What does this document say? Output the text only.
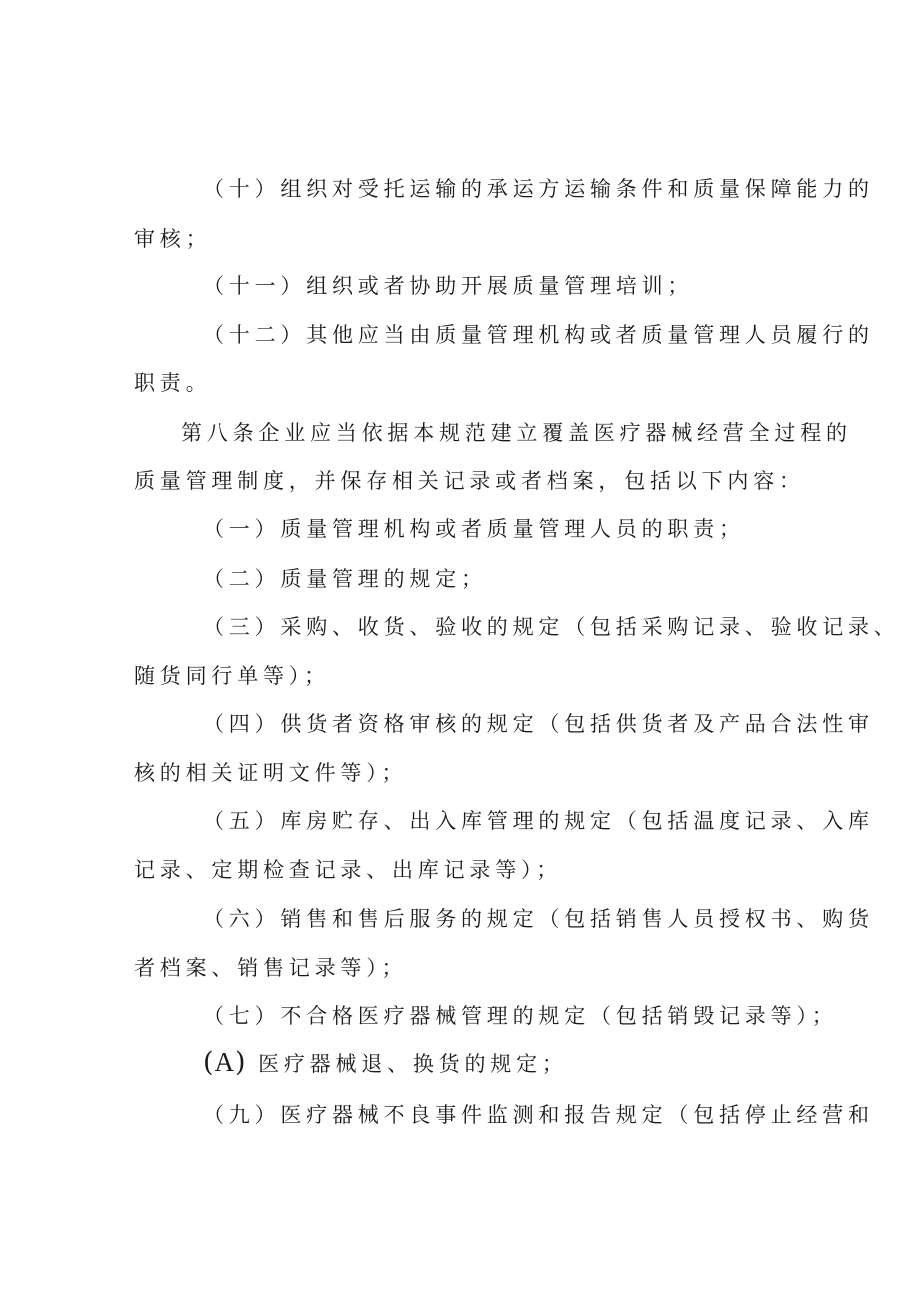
（十）组织对受托运输的承运方运输条件和质量保障能力的
审核；
（十一）组织或者协助开展质量管理培训；
（十二）其他应当由质量管理机构或者质量管理人员履行的
职责。
第八条企业应当依据本规范建立覆盖医疗器械经营全过程的
质量管理制度，并保存相关记录或者档案，包括以下内容：
（一）质量管理机构或者质量管理人员的职责；
（二）质量管理的规定；
（三）采购、收货、验收的规定（包括采购记录、验收记录、
随货同行单等）；
（四）供货者资格审核的规定（包括供货者及产品合法性审
核的相关证明文件等）；
（五）库房贮存、出入库管理的规定（包括温度记录、入库
记录、定期检查记录、出库记录等）；
（六）销售和售后服务的规定（包括销售人员授权书、购货
者档案、销售记录等）；
（七）不合格医疗器械管理的规定（包括销毁记录等）；
(A) 医疗器械退、换货的规定；
（九）医疗器械不良事件监测和报告规定（包括停止经营和
